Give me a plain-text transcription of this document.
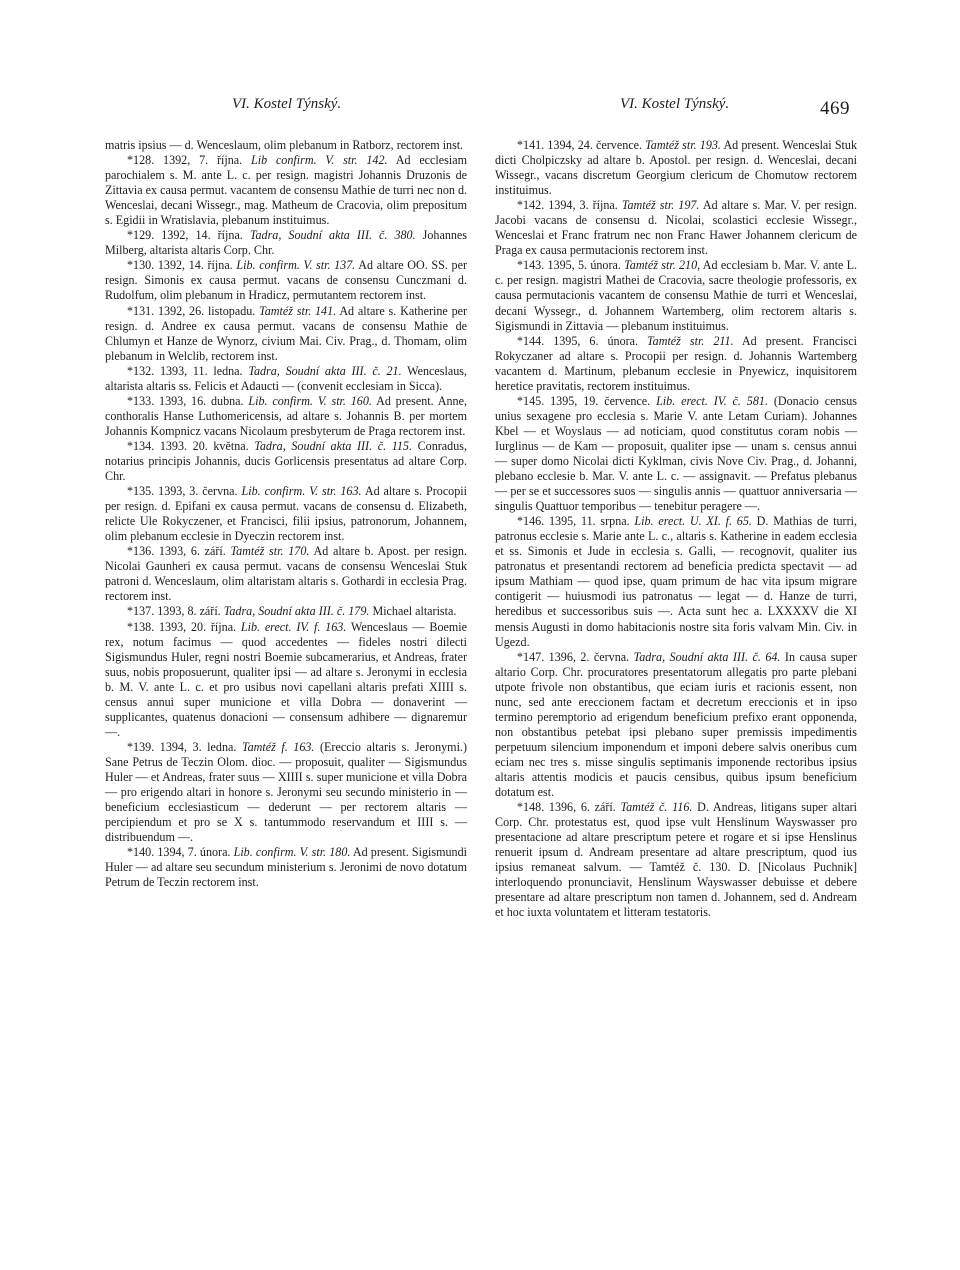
VI. Kostel Týnský.	VI. Kostel Týnský.	469

matris ipsius — d. Wenceslaum, olim plebanum in Ratborz, rectorem inst.

*128. 1392, 7. října. Lib confirm. V. str. 142. Ad ecclesiam parochialem s. M. ante L. c. per resign. magistri Johannis Druzonis de Zittavia ex causa permut. vacantem de consensu Mathie de turri nec non d. Wenceslai, decani Wissegr., mag. Matheum de Cracovia, olim prepositum s. Egidii in Wratislavia, plebanum instituimus.

*129. 1392, 14. října. Tadra, Soudní akta III. č. 380. Johannes Milberg, altarista altaris Corp. Chr.

*130. 1392, 14. října. Lib. confirm. V. str. 137. Ad altare OO. SS. per resign. Simonis ex causa permut. vacans de consensu Cunczmani d. Rudolfum, olim plebanum in Hradicz, permutantem rectorem inst.

*131. 1392, 26. listopadu. Tamtéž str. 141. Ad altare s. Katherine per resign. d. Andree ex causa permut. vacans de consensu Mathie de Chlumyn et Hanze de Wynorz, civium Mai. Civ. Prag., d. Thomam, olim plebanum in Welclib, rectorem inst.

*132. 1393, 11. ledna. Tadra, Soudní akta III. č. 21. Wenceslaus, altarista altaris ss. Felicis et Adaucti — (convenit ecclesiam in Sicca).

*133. 1393, 16. dubna. Lib. confirm. V. str. 160. Ad present. Anne, conthoralis Hanse Luthomericensis, ad altare s. Johannis B. per mortem Johannis Kompnicz vacans Nicolaum presbyterum de Praga rectorem inst.

*134. 1393. 20. května. Tadra, Soudní akta III. č. 115. Conradus, notarius principis Johannis, ducis Gorlicensis presentatus ad altare Corp. Chr.

*135. 1393, 3. června. Lib. confirm. V. str. 163. Ad altare s. Procopii per resign. d. Epifani ex causa permut. vacans de consensu d. Elizabeth, relicte Ule Rokyczener, et Francisci, filii ipsius, patronorum, Johannem, olim plebanum ecclesie in Dyeczin rectorem inst.

*136. 1393, 6. září. Tamtéž str. 170. Ad altare b. Apost. per resign. Nicolai Gaunheri ex causa permut. vacans de consensu Wenceslai Stuk patroni d. Wenceslaum, olim altaristam altaris s. Gothardi in ecclesia Prag. rectorem inst.

*137. 1393, 8. září. Tadra, Soudní akta III. č. 179. Michael altarista.

*138. 1393, 20. října. Lib. erect. IV. f. 163. Wenceslaus — Boemie rex, notum facimus — quod accedentes — fideles nostri dilecti Sigismundus Huler, regni nostri Boemie subcamerarius, et Andreas, frater suus, nobis proposuerunt, qualiter ipsi — ad altare s. Jeronymi in ecclesia b. M. V. ante L. c. et pro usibus novi capellani altaris prefati XIIII s. census annui super municione et villa Dobra — donaverint — supplicantes, quatenus donacioni — consensum adhibere — dignaremur —.

*139. 1394, 3. ledna. Tamtéž f. 163. (Ereccio altaris s. Jeronymi.) Sane Petrus de Teczin Olom. dioc. — proposuit, qualiter — Sigismundus Huler — et Andreas, frater suus — XIIII s. super municione et villa Dobra — pro erigendo altari in honore s. Jeronymi seu secundo ministerio in — beneficium ecclesiasticum — dederunt — per rectorem altaris — percipiendum et pro se X s. tantummodo reservandum et IIII s. — distribuendum —.

*140. 1394, 7. února. Lib. confirm. V. str. 180. Ad present. Sigismundi Huler — ad altare seu secundum ministerium s. Jeronimi de novo dotatum Petrum de Teczin rectorem inst.

*141. 1394, 24. července. Tamtéž str. 193. Ad present. Wenceslai Stuk dicti Cholpiczsky ad altare b. Apostol. per resign. d. Wenceslai, decani Wissegr., vacans discretum Georgium clericum de Chomutow rectorem instituimus.

*142. 1394, 3. října. Tamtéž str. 197. Ad altare s. Mar. V. per resign. Jacobi vacans de consensu d. Nicolai, scolastici ecclesie Wissegr., Wenceslai et Franc fratrum nec non Franc Hawer Johannem clericum de Praga ex causa permutacionis rectorem inst.

*143. 1395, 5. února. Tamtéž str. 210, Ad ecclesiam b. Mar. V. ante L. c. per resign. magistri Mathei de Cracovia, sacre theologie professoris, ex causa permutacionis vacantem de consensu Mathie de turri et Wenceslai, decani Wyssegr., d. Johannem Wartemberg, olim rectorem altaris s. Sigismundi in Zittavia — plebanum instituimus.

*144. 1395, 6. února. Tamtéž str. 211. Ad present. Francisci Rokyczaner ad altare s. Procopii per resign. d. Johannis Wartemberg vacantem d. Martinum, plebanum ecclesie in Pnyewicz, inquisitorem heretice pravitatis, rectorem instituimus.

*145. 1395, 19. července. Lib. erect. IV. č. 581. (Donacio census unius sexagene pro ecclesia s. Marie V. ante Letam Curiam). Johannes Kbel — et Woyslaus — ad noticiam, quod constitutus coram nobis — Iurglinus — de Kam — proposuit, qualiter ipse — unam s. census annui — super domo Nicolai dicti Kyklman, civis Nove Civ. Prag., d. Johanni, plebano ecclesie b. Mar. V. ante L. c. — assignavit. — Prefatus plebanus — per se et successores suos — singulis annis — quattuor anniversaria — singulis Quattuor temporibus — tenebitur peragere —.

*146. 1395, 11. srpna. Lib. erect. U. XI. f. 65. D. Mathias de turri, patronus ecclesie s. Marie ante L. c., altaris s. Katherine in eadem ecclesia et ss. Simonis et Jude in ecclesia s. Galli, — recognovit, qualiter ius patronatus et presentandi rectorem ad beneficia predicta spectavit — ad ipsum Mathiam — quod ipse, quam primum de hac vita ipsum migrare contigerit — huiusmodi ius patronatus — legat — d. Hanze de turri, heredibus et successoribus suis —. Acta sunt hec a. LXXXXV die XI mensis Augusti in domo habitacionis nostre sita foris valvam Min. Civ. in Ugezd.

*147. 1396, 2. června. Tadra, Soudní akta III. č. 64. In causa super altario Corp. Chr. procuratores presentatorum allegatis pro parte plebani utpote frivole non obstantibus, que eciam iuris et racionis essent, non nunc, sed ante ereccionem factam et decretum ereccionis et in ipso termino peremptorio ad erigendum beneficium prefixo erant opponenda, non obstantibus petebat ipsi plebano super premissis impedimentis perpetuum silencium imponendum et imponi debere salvis oneribus cum eciam nec tres s. misse singulis septimanis imponende rectoribus ipsius altaris attentis modicis et paucis censibus, quibus ipsum beneficium dotatum est.

*148. 1396, 6. září. Tamtéž č. 116. D. Andreas, litigans super altari Corp. Chr. protestatus est, quod ipse vult Henslinum Wayswasser pro presentacione ad altare prescriptum petere et rogare et si ipse Henslinus renuerit ipsum d. Andream presentare ad altare prescriptum, quod ius ipsius remaneat salvum. — Tamtéž č. 130. D. [Nicolaus Puchnik] interloquendo pronunciavit, Henslinum Wayswasser debuisse et debere presentare ad altare prescriptum non tamen d. Johannem, sed d. Andream et hoc iuxta voluntatem et litteram testatoris.
